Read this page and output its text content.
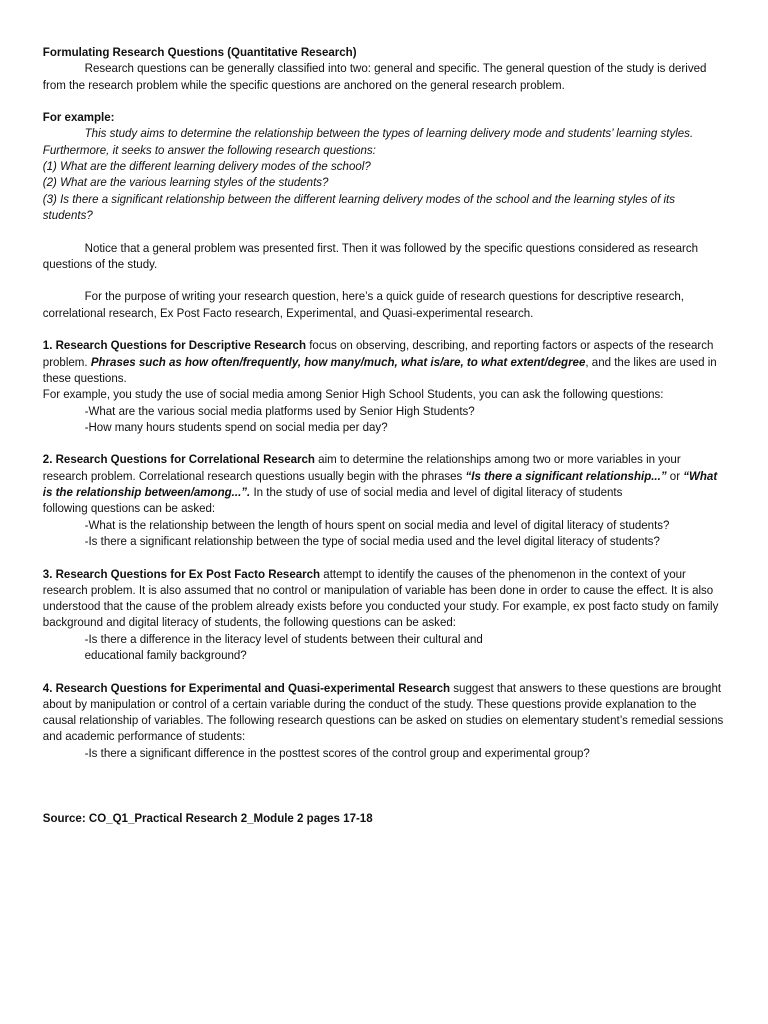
Formulating Research Questions (Quantitative Research)

Research questions can be generally classified into two: general and specific. The general question of the study is derived from the research problem while the specific questions are anchored on the general research problem.

For example:

This study aims to determine the relationship between the types of learning delivery mode and students’ learning styles. Furthermore, it seeks to answer the following research questions:

(1) What are the different learning delivery modes of the school?

(2) What are the various learning styles of the students?

(3) Is there a significant relationship between the different learning delivery modes of the school and the learning styles of its students?

Notice that a general problem was presented first. Then it was followed by the specific questions considered as research questions of the study.

For the purpose of writing your research question, here’s a quick guide of research questions for descriptive research, correlational research, Ex Post Facto research, Experimental, and Quasi-experimental research.

1. Research Questions for Descriptive Research focus on observing, describing, and reporting factors or aspects of the research problem. Phrases such as how often/frequently, how many/much, what is/are, to what extent/degree, and the likes are used in these questions.

For example, you study the use of social media among Senior High School Students, you can ask the following questions:

-What are the various social media platforms used by Senior High Students?

-How many hours students spend on social media per day?

2. Research Questions for Correlational Research aim to determine the relationships among two or more variables in your research problem. Correlational research questions usually begin with the phrases “Is there a significant relationship...” or “What is the relationship between/among...”. In the study of use of social media and level of digital literacy of students

following questions can be asked:

-What is the relationship between the length of hours spent on social media and level of digital literacy of students?

-Is there a significant relationship between the type of social media used and the level digital literacy of students?

3. Research Questions for Ex Post Facto Research attempt to identify the causes of the phenomenon in the context of your research problem. It is also assumed that no control or manipulation of variable has been done in order to cause the effect. It is also understood that the cause of the problem already exists before you conducted your study. For example, ex post facto study on family background and digital literacy of students, the following questions can be asked:

-Is there a difference in the literacy level of students between their cultural and

educational family background?

4. Research Questions for Experimental and Quasi-experimental Research suggest that answers to these questions are brought about by manipulation or control of a certain variable during the conduct of the study. These questions provide explanation to the causal relationship of variables. The following research questions can be asked on studies on elementary student’s remedial sessions and academic performance of students:

-Is there a significant difference in the posttest scores of the control group and experimental group?

Source: CO_Q1_Practical Research 2_Module 2 pages 17-18
